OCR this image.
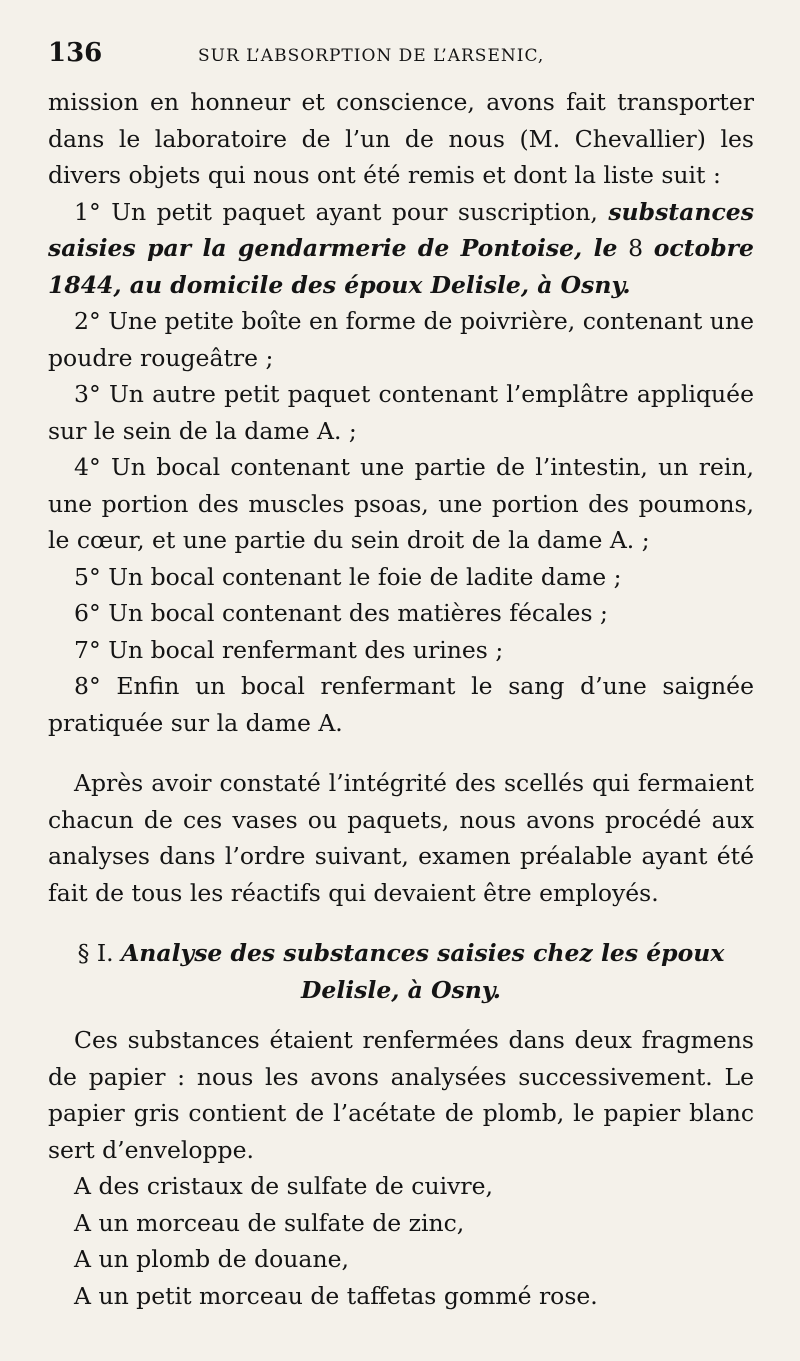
136	SUR L’ABSORPTION DE L’ARSENIC,

mission en honneur et conscience, avons fait transporter dans le laboratoire de l’un de nous (M. Chevallier) les divers objets qui nous ont été remis et dont la liste suit :

1° Un petit paquet ayant pour suscription, substances saisies par la gendarmerie de Pontoise, le 8 octobre 1844, au domicile des époux Delisle, à Osny.

2° Une petite boîte en forme de poivrière, contenant une poudre rougeâtre ;

3° Un autre petit paquet contenant l’emplâtre appliquée sur le sein de la dame A. ;

4° Un bocal contenant une partie de l’intestin, un rein, une portion des muscles psoas, une portion des poumons, le cœur, et une partie du sein droit de la dame A. ;

5° Un bocal contenant le foie de ladite dame ;

6° Un bocal contenant des matières fécales ;

7° Un bocal renfermant des urines ;

8° Enfin un bocal renfermant le sang d’une saignée pratiquée sur la dame A.

Après avoir constaté l’intégrité des scellés qui fermaient chacun de ces vases ou paquets, nous avons procédé aux analyses dans l’ordre suivant, examen préalable ayant été fait de tous les réactifs qui devaient être employés.

§ I. Analyse des substances saisies chez les époux Delisle, à Osny.

Ces substances étaient renfermées dans deux fragmens de papier : nous les avons analysées successivement. Le papier gris contient de l’acétate de plomb, le papier blanc sert d’enveloppe.

A des cristaux de sulfate de cuivre,

A un morceau de sulfate de zinc,

A un plomb de douane,

A un petit morceau de taffetas gommé rose.
